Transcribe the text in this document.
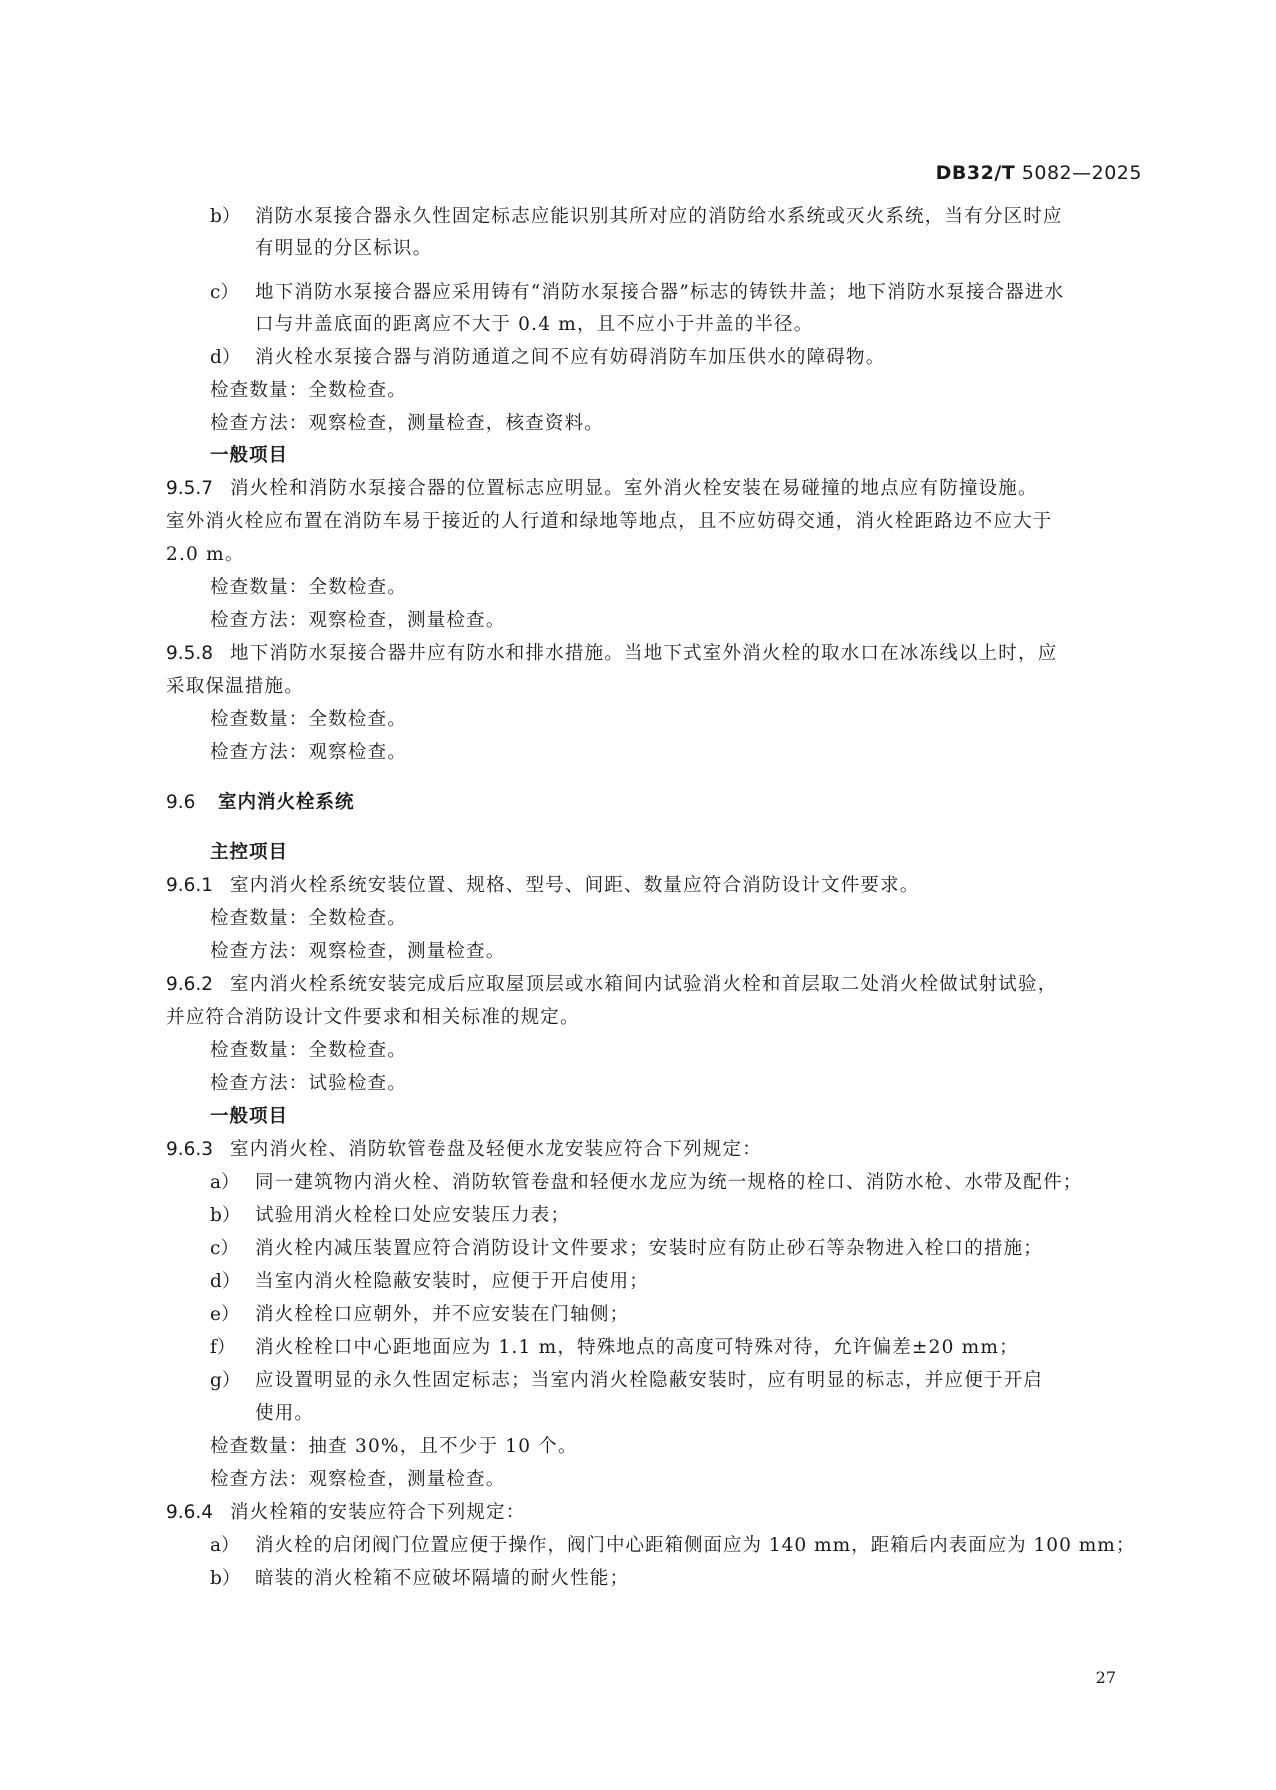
DB32/T 5082—2025
b） 消防水泵接合器永久性固定标志应能识别其所对应的消防给水系统或灭火系统，当有分区时应
有明显的分区标识。
c） 地下消防水泵接合器应采用铸有“消防水泵接合器”标志的铸铁井盖；地下消防水泵接合器进水
口与井盖底面的距离应不大于 0.4 m，且不应小于井盖的半径。
d） 消火栓水泵接合器与消防通道之间不应有妨碍消防车加压供水的障碍物。
检查数量：全数检查。
检查方法：观察检查，测量检查，核查资料。
一般项目
9.5.7 消火栓和消防水泵接合器的位置标志应明显。室外消火栓安装在易碰撞的地点应有防撞设施。
室外消火栓应布置在消防车易于接近的人行道和绿地等地点，且不应妨碍交通，消火栓距路边不应大于
2.0 m。
检查数量：全数检查。
检查方法：观察检查，测量检查。
9.5.8 地下消防水泵接合器井应有防水和排水措施。当地下式室外消火栓的取水口在冰冻线以上时，应
采取保温措施。
检查数量：全数检查。
检查方法：观察检查。
9.6 室内消火栓系统
主控项目
9.6.1 室内消火栓系统安装位置、规格、型号、间距、数量应符合消防设计文件要求。
检查数量：全数检查。
检查方法：观察检查，测量检查。
9.6.2 室内消火栓系统安装完成后应取屋顶层或水箱间内试验消火栓和首层取二处消火栓做试射试验，
并应符合消防设计文件要求和相关标准的规定。
检查数量：全数检查。
检查方法：试验检查。
一般项目
9.6.3 室内消火栓、消防软管卷盘及轻便水龙安装应符合下列规定：
a） 同一建筑物内消火栓、消防软管卷盘和轻便水龙应为统一规格的栓口、消防水枪、水带及配件；
b） 试验用消火栓栓口处应安装压力表；
c） 消火栓内减压装置应符合消防设计文件要求；安装时应有防止砂石等杂物进入栓口的措施；
d） 当室内消火栓隐蔽安装时，应便于开启使用；
e） 消火栓栓口应朝外，并不应安装在门轴侧；
f） 消火栓栓口中心距地面应为 1.1 m，特殊地点的高度可特殊对待，允许偏差±20 mm；
g） 应设置明显的永久性固定标志；当室内消火栓隐蔽安装时，应有明显的标志，并应便于开启
使用。
检查数量：抽查 30%，且不少于 10 个。
检查方法：观察检查，测量检查。
9.6.4 消火栓箱的安装应符合下列规定：
a） 消火栓的启闭阀门位置应便于操作，阀门中心距箱侧面应为 140 mm，距箱后内表面应为 100 mm；
b） 暗装的消火栓箱不应破坏隔墙的耐火性能；
27
